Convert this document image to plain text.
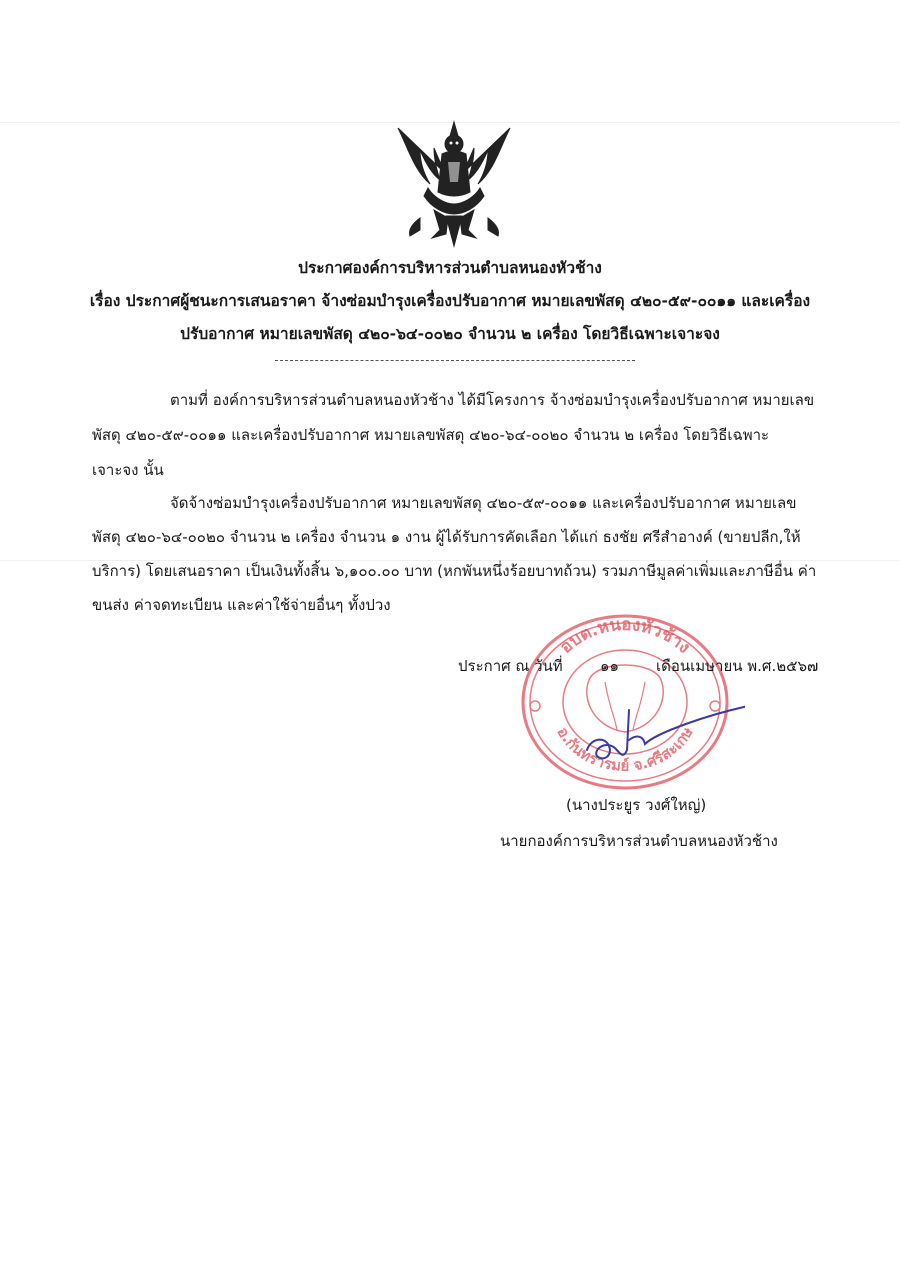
ประกาศองค์การบริหารส่วนตำบลหนองหัวช้าง
เรื่อง ประกาศผู้ชนะการเสนอราคา จ้างซ่อมบำรุงเครื่องปรับอากาศ หมายเลขพัสดุ ๔๒๐-๕๙-๐๐๑๑ และเครื่อง
ปรับอากาศ หมายเลขพัสดุ ๔๒๐-๖๔-๐๐๒๐ จำนวน ๒ เครื่อง โดยวิธีเฉพาะเจาะจง
ตามที่ องค์การบริหารส่วนตำบลหนองหัวช้าง ได้มีโครงการ จ้างซ่อมบำรุงเครื่องปรับอากาศ หมายเลข
พัสดุ ๔๒๐-๕๙-๐๐๑๑ และเครื่องปรับอากาศ หมายเลขพัสดุ ๔๒๐-๖๔-๐๐๒๐ จำนวน ๒ เครื่อง โดยวิธีเฉพาะ
เจาะจง นั้น
จัดจ้างซ่อมบำรุงเครื่องปรับอากาศ หมายเลขพัสดุ ๔๒๐-๕๙-๐๐๑๑ และเครื่องปรับอากาศ หมายเลข
พัสดุ ๔๒๐-๖๔-๐๐๒๐ จำนวน ๒ เครื่อง จำนวน ๑ งาน ผู้ได้รับการคัดเลือก ได้แก่ ธงชัย ศรีสำอางค์ (ขายปลีก,ให้
บริการ) โดยเสนอราคา เป็นเงินทั้งสิ้น ๖,๑๐๐.๐๐ บาท (หกพันหนึ่งร้อยบาทถ้วน) รวมภาษีมูลค่าเพิ่มและภาษีอื่น ค่า
ขนส่ง ค่าจดทะเบียน และค่าใช้จ่ายอื่นๆ ทั้งปวง
อบต.หนองหัวช้าง
อ.กันทรารมย์ จ.ศรีสะเกษ
ประกาศ ณ วันที่ ๑๑ เดือนเมษายน พ.ศ.๒๕๖๗
(นางประยูร วงศ์ใหญ่)
นายกองค์การบริหารส่วนตำบลหนองหัวช้าง
